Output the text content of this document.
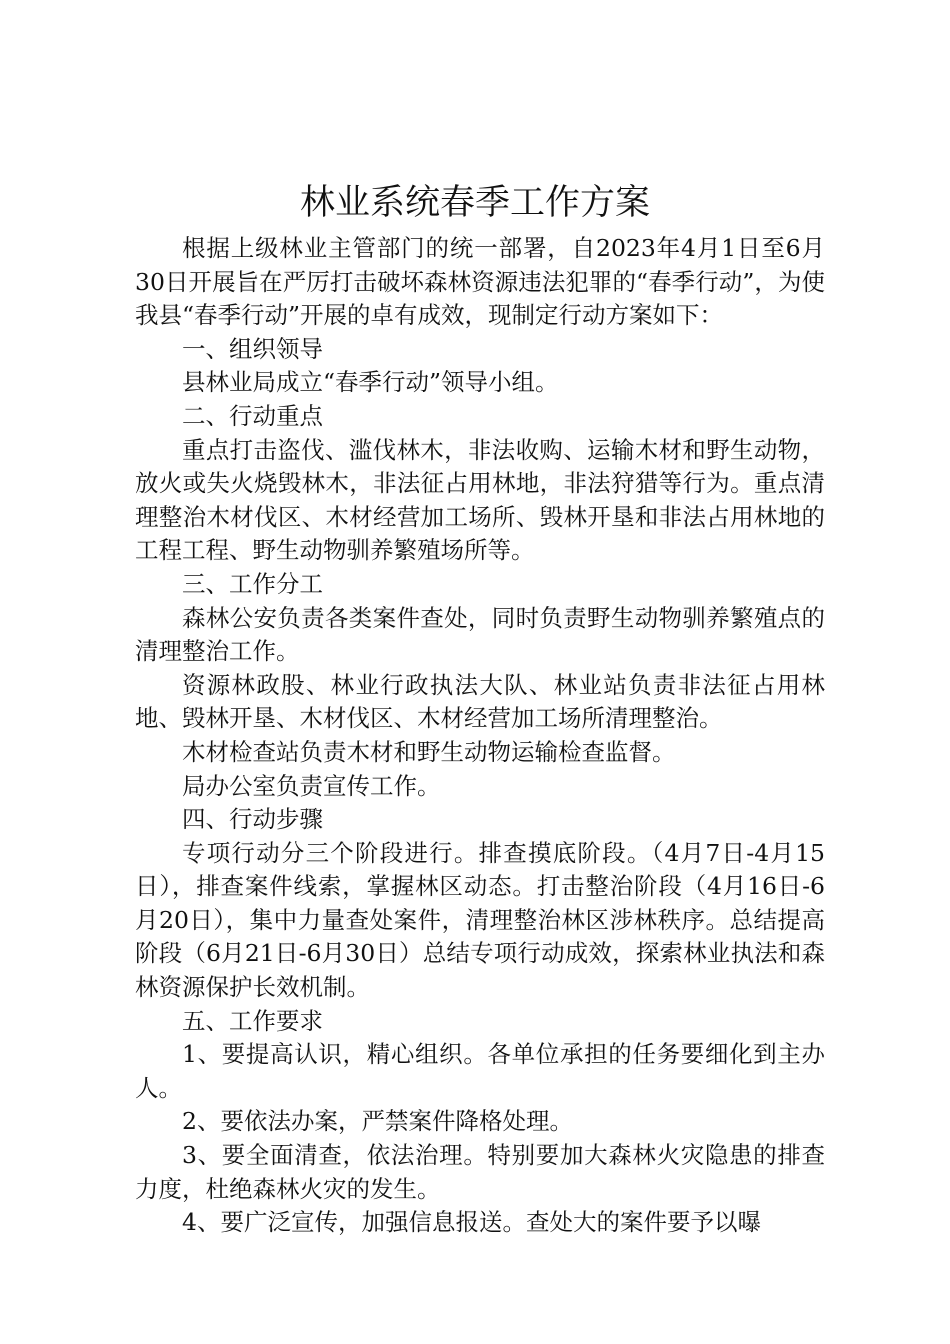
林业系统春季工作方案

根据上级林业主管部门的统一部署，自2023年4月1日至6月30日开展旨在严厉打击破坏森林资源违法犯罪的“春季行动”，为使我县“春季行动”开展的卓有成效，现制定行动方案如下：

一、组织领导

县林业局成立“春季行动”领导小组。

二、行动重点

重点打击盗伐、滥伐林木，非法收购、运输木材和野生动物，放火或失火烧毁林木，非法征占用林地，非法狩猎等行为。重点清理整治木材伐区、木材经营加工场所、毁林开垦和非法占用林地的工程工程、野生动物驯养繁殖场所等。

三、工作分工

森林公安负责各类案件查处，同时负责野生动物驯养繁殖点的清理整治工作。

资源林政股、林业行政执法大队、林业站负责非法征占用林地、毁林开垦、木材伐区、木材经营加工场所清理整治。

木材检查站负责木材和野生动物运输检查监督。

局办公室负责宣传工作。

四、行动步骤

专项行动分三个阶段进行。排查摸底阶段。（4月7日-4月15日），排查案件线索，掌握林区动态。打击整治阶段（4月16日-6月20日），集中力量查处案件，清理整治林区涉林秩序。总结提高阶段（6月21日-6月30日）总结专项行动成效，探索林业执法和森林资源保护长效机制。

五、工作要求

1、要提高认识，精心组织。各单位承担的任务要细化到主办人。

2、要依法办案，严禁案件降格处理。

3、要全面清查，依法治理。特别要加大森林火灾隐患的排查力度，杜绝森林火灾的发生。

4、要广泛宣传，加强信息报送。查处大的案件要予以曝
